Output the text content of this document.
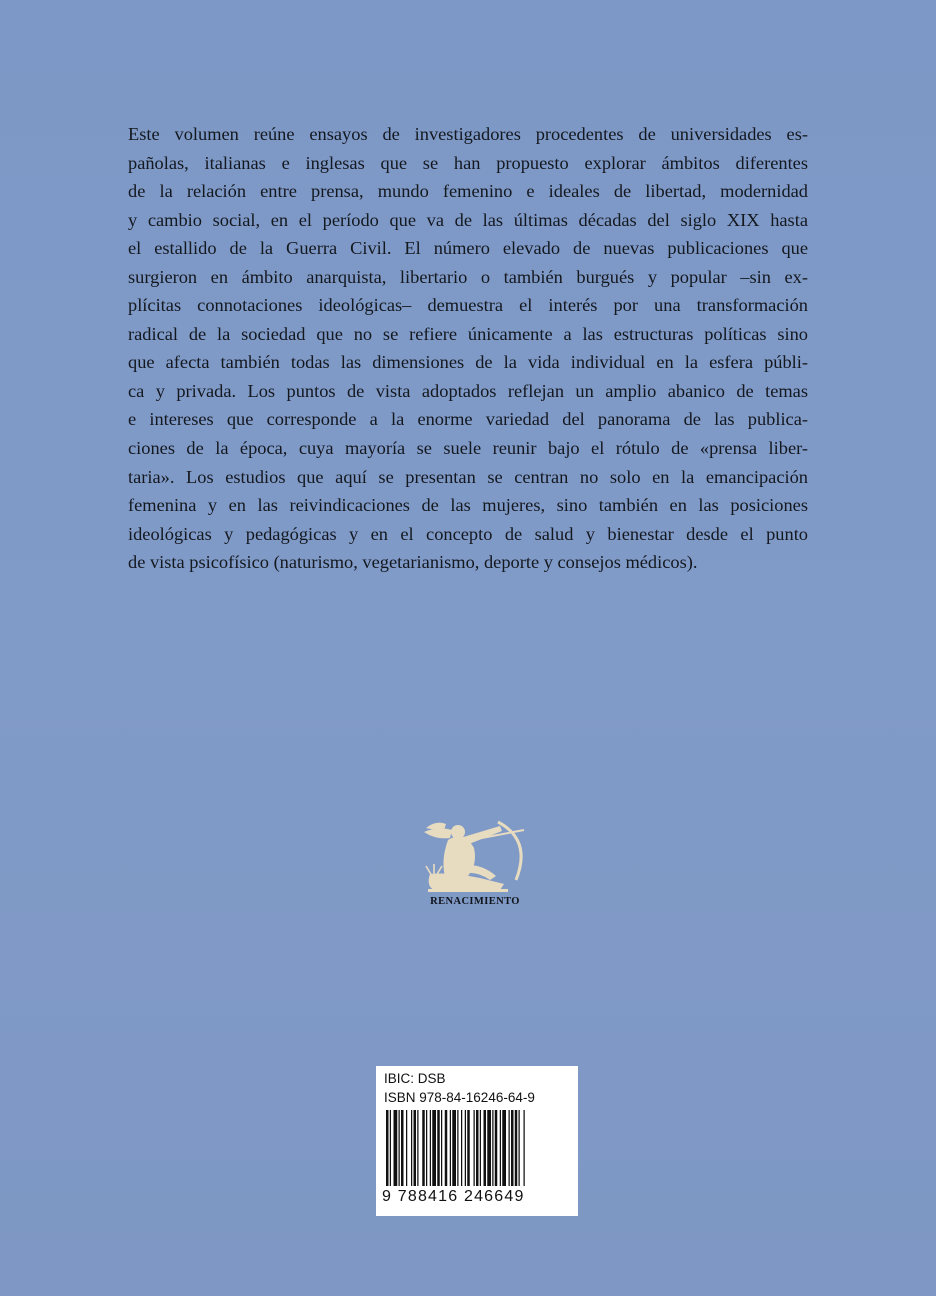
Este volumen reúne ensayos de investigadores procedentes de universidades es-
pañolas, italianas e inglesas que se han propuesto explorar ámbitos diferentes
de la relación entre prensa, mundo femenino e ideales de libertad, modernidad
y cambio social, en el período que va de las últimas décadas del siglo XIX hasta
el estallido de la Guerra Civil. El número elevado de nuevas publicaciones que
surgieron en ámbito anarquista, libertario o también burgués y popular –sin ex-
plícitas connotaciones ideológicas– demuestra el interés por una transformación
radical de la sociedad que no se refiere únicamente a las estructuras políticas sino
que afecta también todas las dimensiones de la vida individual en la esfera públi-
ca y privada. Los puntos de vista adoptados reflejan un amplio abanico de temas
e intereses que corresponde a la enorme variedad del panorama de las publica-
ciones de la época, cuya mayoría se suele reunir bajo el rótulo de «prensa liber-
taria». Los estudios que aquí se presentan se centran no solo en la emancipación
femenina y en las reivindicaciones de las mujeres, sino también en las posiciones
ideológicas y pedagógicas y en el concepto de salud y bienestar desde el punto
de vista psicofísico (naturismo, vegetarianismo, deporte y consejos médicos).
RENACIMIENTO
IBIC: DSB
ISBN 978-84-16246-64-9
9 788416 246649
